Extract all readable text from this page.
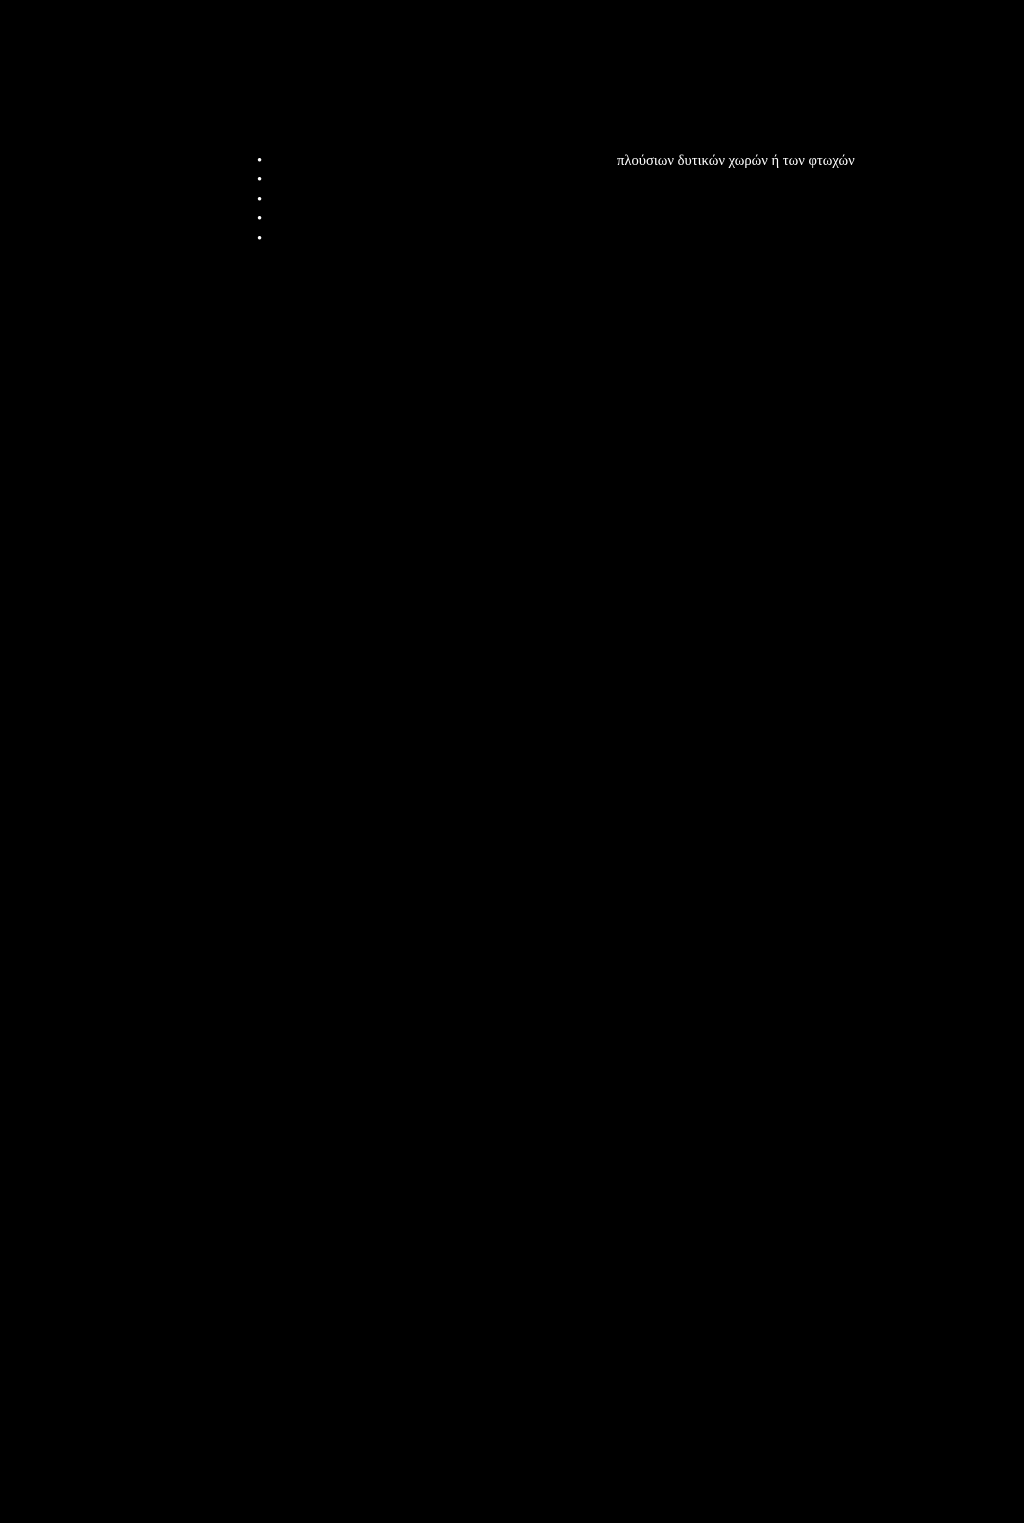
•

•

•

•

•

πλούσιων δυτικών χωρών ή των φτωχών
